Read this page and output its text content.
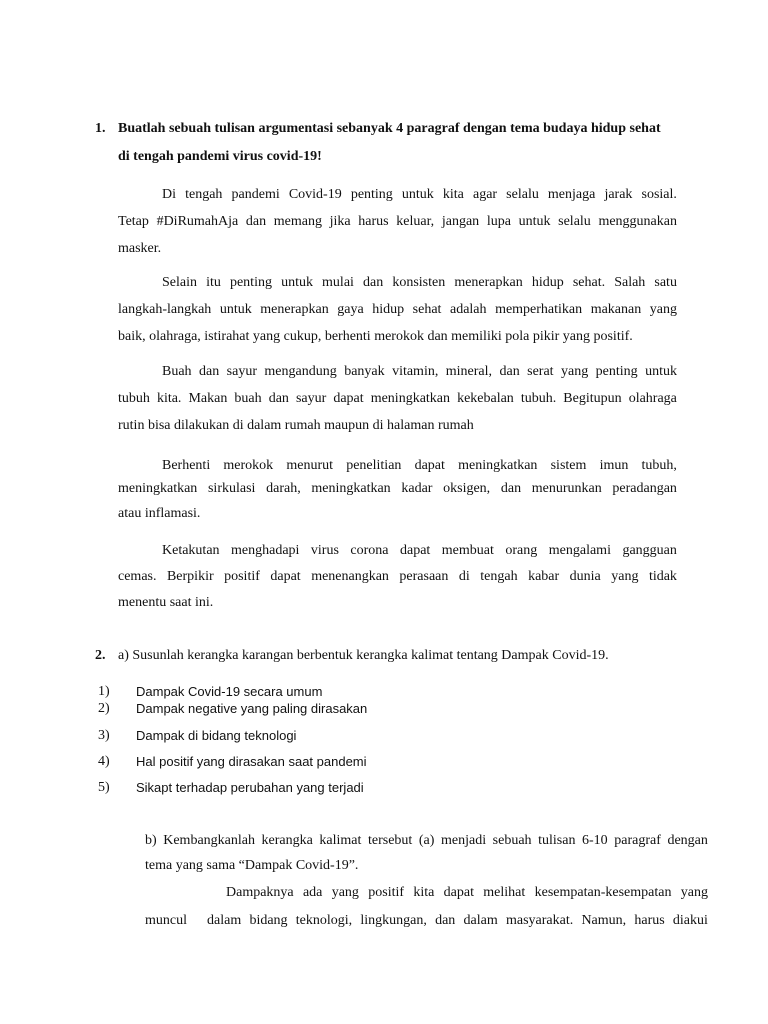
1. Buatlah sebuah tulisan argumentasi sebanyak 4 paragraf dengan tema budaya hidup sehat
di tengah pandemi virus covid-19!
Di tengah pandemi Covid-19 penting untuk kita agar selalu menjaga jarak sosial.
Tetap #DiRumahAja dan memang jika harus keluar, jangan lupa untuk selalu menggunakan
masker.
Selain itu penting untuk mulai dan konsisten menerapkan hidup sehat. Salah satu
langkah-langkah untuk menerapkan gaya hidup sehat adalah memperhatikan makanan yang
baik, olahraga, istirahat yang cukup, berhenti merokok dan memiliki pola pikir yang positif.
Buah dan sayur mengandung banyak vitamin, mineral, dan serat yang penting untuk
tubuh kita. Makan buah dan sayur dapat meningkatkan kekebalan tubuh. Begitupun olahraga
rutin bisa dilakukan di dalam rumah maupun di halaman rumah
Berhenti merokok menurut penelitian dapat meningkatkan sistem imun tubuh,
meningkatkan sirkulasi darah, meningkatkan kadar oksigen, dan menurunkan peradangan
atau inflamasi.
Ketakutan menghadapi virus corona dapat membuat orang mengalami gangguan
cemas. Berpikir positif dapat menenangkan perasaan di tengah kabar dunia yang tidak
menentu saat ini.
2. a) Susunlah kerangka karangan berbentuk kerangka kalimat tentang Dampak Covid-19.
1) Dampak Covid-19 secara umum
2) Dampak negative yang paling dirasakan
3) Dampak di bidang teknologi
4) Hal positif yang dirasakan saat pandemi
5) Sikapt terhadap perubahan yang terjadi
b) Kembangkanlah kerangka kalimat tersebut (a) menjadi sebuah tulisan 6-10 paragraf dengan
tema yang sama “Dampak Covid-19”.
Dampaknya ada yang positif kita dapat melihat kesempatan-kesempatan yang
muncul dalam bidang teknologi, lingkungan, dan dalam masyarakat. Namun, harus diakui
